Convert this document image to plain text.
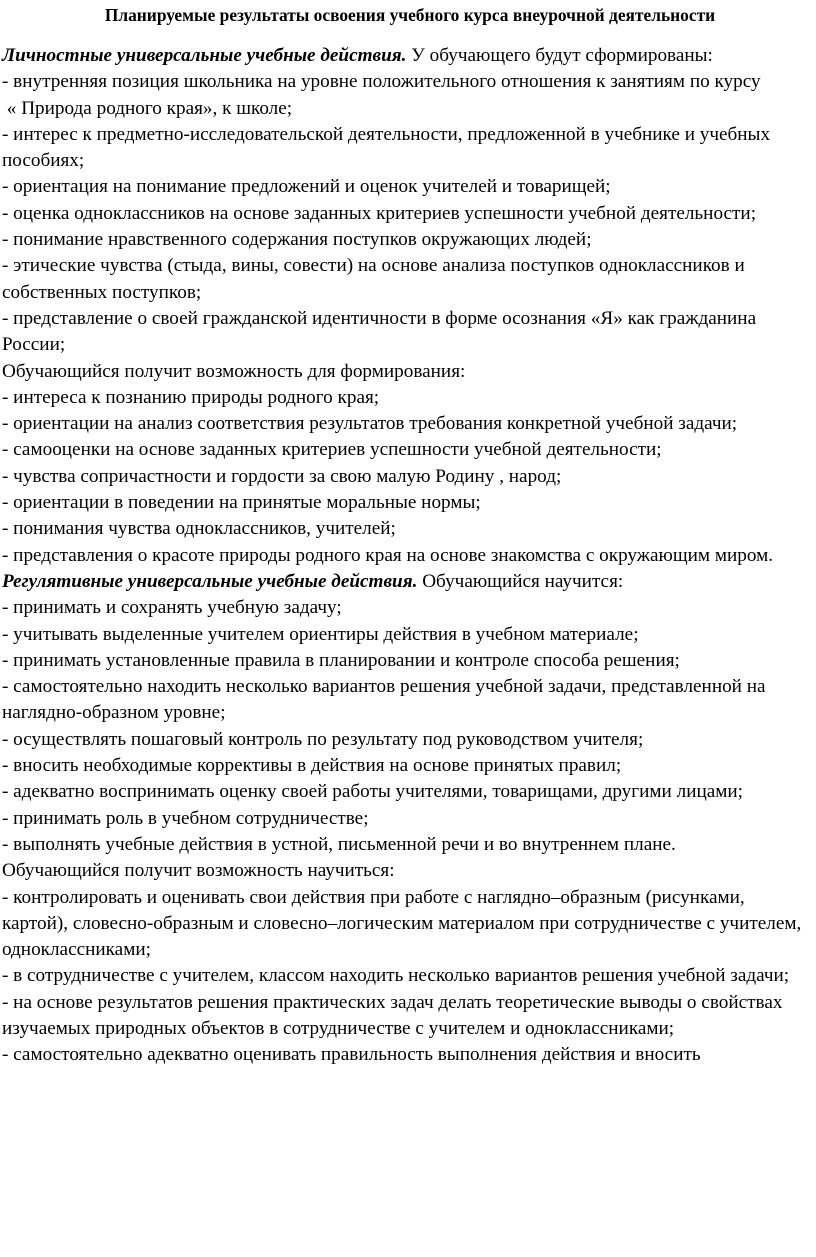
Планируемые результаты освоения учебного курса внеурочной деятельности

Личностные универсальные учебные действия. У обучающего будут сформированы:

- внутренняя позиция школьника на уровне положительного отношения к занятиям по курсу

« Природа родного края», к школе;

- интерес к предметно-исследовательской деятельности, предложенной в учебнике и учебных пособиях;

- ориентация на понимание предложений и оценок учителей и товарищей;

- оценка одноклассников на основе заданных критериев успешности учебной деятельности;

- понимание нравственного содержания поступков окружающих людей;

- этические чувства (стыда, вины, совести) на основе анализа поступков одноклассников и собственных поступков;

- представление о своей гражданской идентичности в форме осознания «Я» как гражданина России;

Обучающийся получит возможность для формирования:

- интереса к познанию природы родного края;

- ориентации на анализ соответствия результатов требования конкретной учебной задачи;

- самооценки на основе заданных критериев успешности учебной деятельности;

- чувства сопричастности и гордости за свою малую Родину , народ;

- ориентации в поведении на принятые моральные нормы;

- понимания чувства одноклассников, учителей;

- представления о красоте природы родного края на основе знакомства с окружающим миром.

Регулятивные универсальные учебные действия. Обучающийся научится:

- принимать и сохранять учебную задачу;

- учитывать выделенные учителем ориентиры действия в учебном материале;

- принимать установленные правила в планировании и контроле способа решения;

- самостоятельно находить несколько вариантов решения учебной задачи, представленной на наглядно-образном уровне;

- осуществлять пошаговый контроль по результату под руководством учителя;

- вносить необходимые коррективы в действия на основе принятых правил;

- адекватно воспринимать оценку своей работы учителями, товарищами, другими лицами;

- принимать роль в учебном сотрудничестве;

- выполнять учебные действия в устной, письменной речи и во внутреннем плане.

Обучающийся получит возможность научиться:

- контролировать и оценивать свои действия при работе с наглядно–образным (рисунками, картой), словесно-образным и словесно–логическим материалом при сотрудничестве с учителем, одноклассниками;

- в сотрудничестве с учителем, классом находить несколько вариантов решения учебной задачи;

- на основе результатов решения практических задач делать теоретические выводы о свойствах изучаемых природных объектов в сотрудничестве с учителем и одноклассниками;

- самостоятельно адекватно оценивать правильность выполнения действия и вносить
